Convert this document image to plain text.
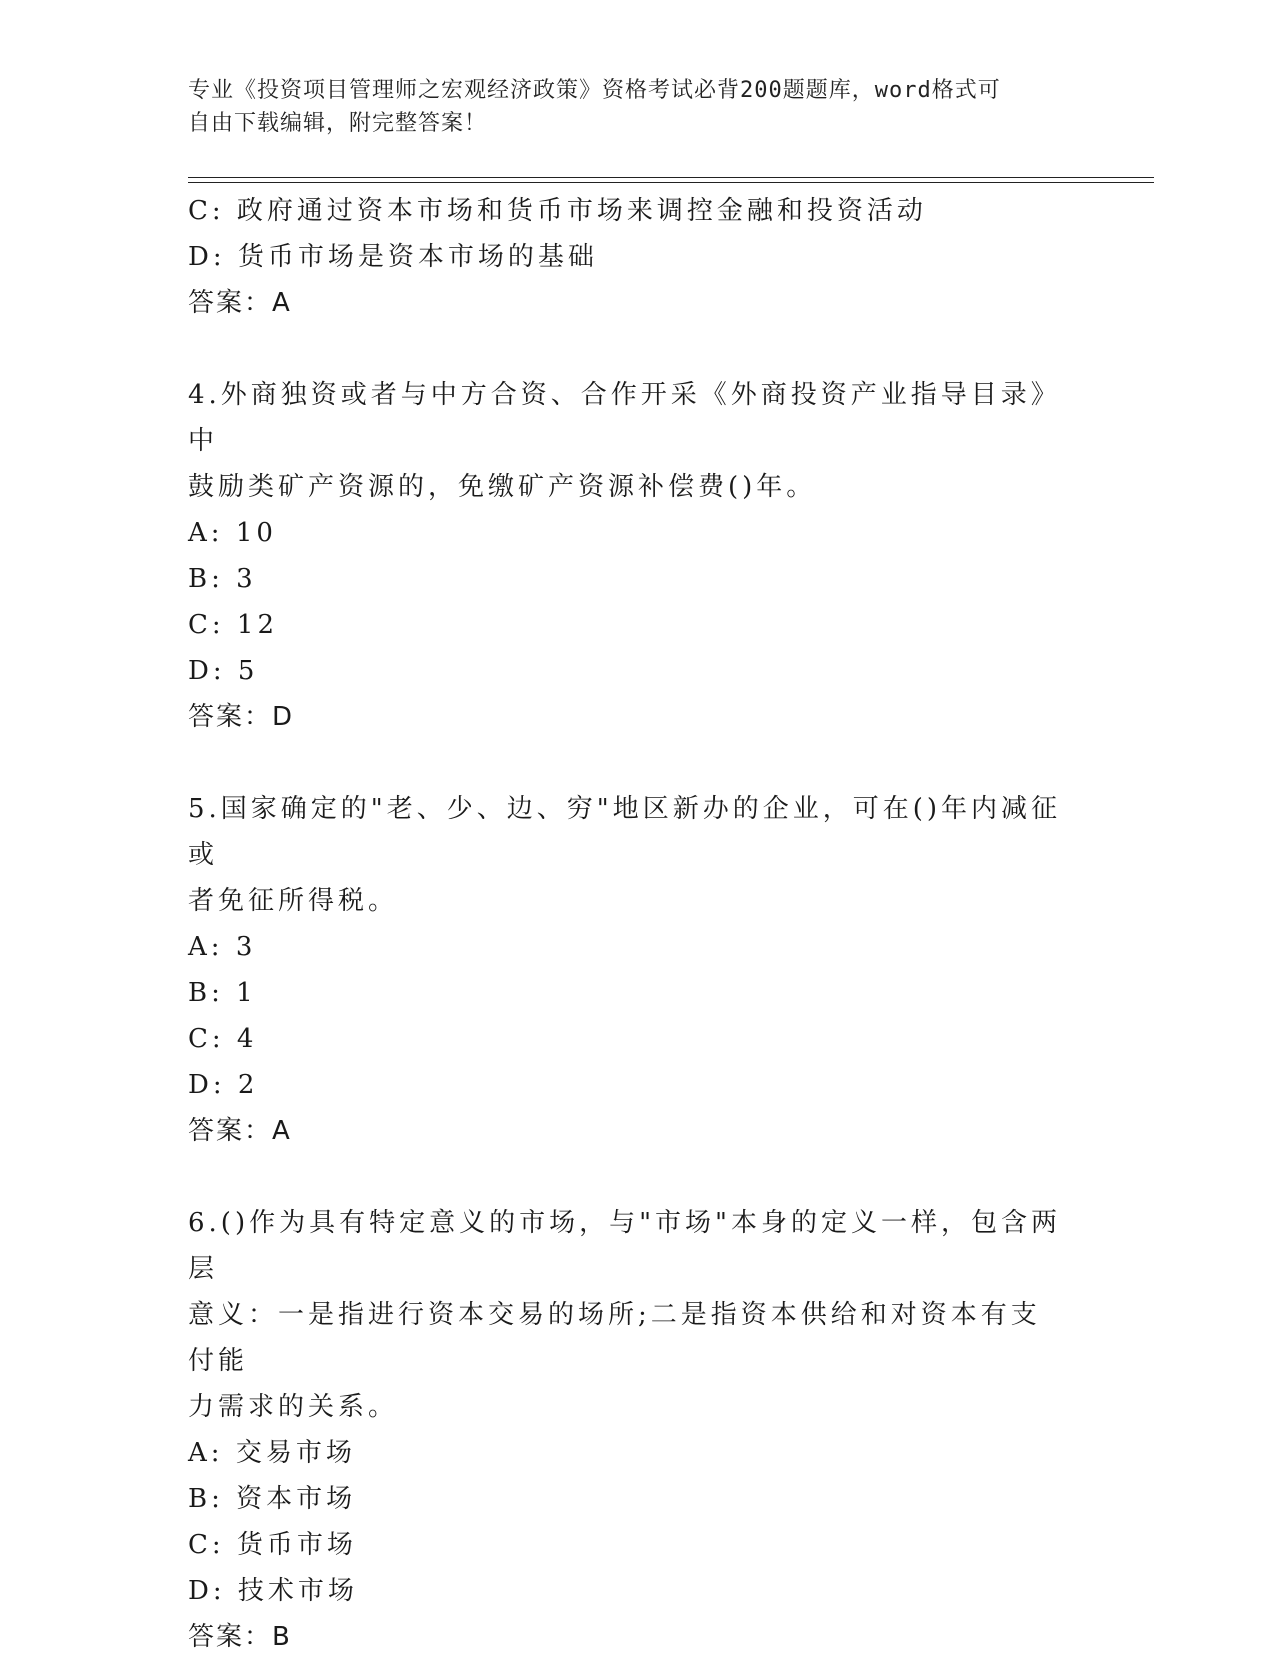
专业《投资项目管理师之宏观经济政策》资格考试必背200题题库，word格式可
自由下载编辑，附完整答案！
C: 政府通过资本市场和货币市场来调控金融和投资活动
D: 货币市场是资本市场的基础
答案：A
4.外商独资或者与中方合资、合作开采《外商投资产业指导目录》中
鼓励类矿产资源的，免缴矿产资源补偿费()年。
A: 10
B: 3
C: 12
D: 5
答案：D
5.国家确定的"老、少、边、穷"地区新办的企业，可在()年内减征或
者免征所得税。
A: 3
B: 1
C: 4
D: 2
答案：A
6.()作为具有特定意义的市场，与"市场"本身的定义一样，包含两层
意义：一是指进行资本交易的场所;二是指资本供给和对资本有支付能
力需求的关系。
A: 交易市场
B: 资本市场
C: 货币市场
D: 技术市场
答案：B
